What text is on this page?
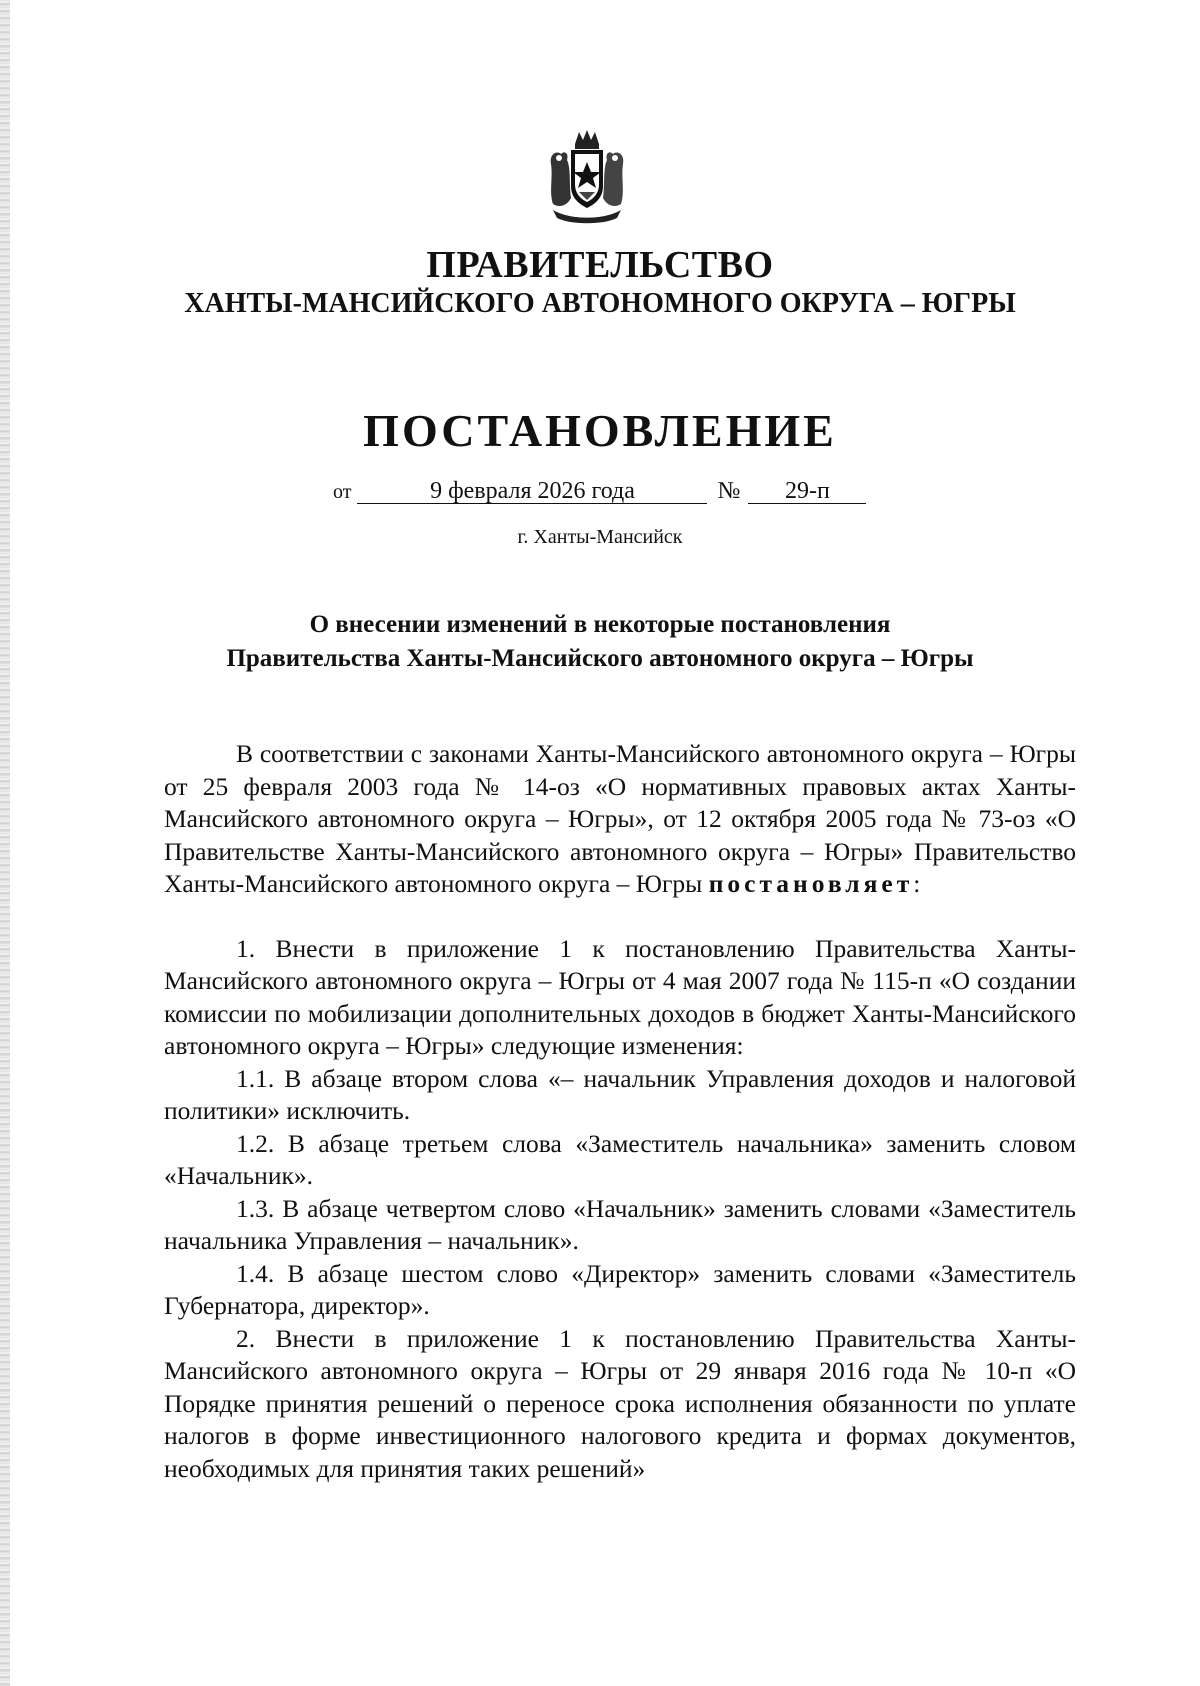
ПРАВИТЕЛЬСТВО
ХАНТЫ-МАНСИЙСКОГО АВТОНОМНОГО ОКРУГА – ЮГРЫ
ПОСТАНОВЛЕНИЕ
от	9 февраля 2026 года	№ 29-п
г. Ханты-Мансийск
О внесении изменений в некоторые постановления
Правительства Ханты-Мансийского автономного округа – Югры

В соответствии с законами Ханты-Мансийского автономного округа – Югры от 25 февраля 2003 года № 14-оз «О нормативных правовых актах Ханты-Мансийского автономного округа – Югры», от 12 октября 2005 года № 73-оз «О Правительстве Ханты-Мансийского автономного округа – Югры» Правительство Ханты-Мансийского автономного округа – Югры постановляет:

1. Внести в приложение 1 к постановлению Правительства Ханты-Мансийского автономного округа – Югры от 4 мая 2007 года № 115-п «О создании комиссии по мобилизации дополнительных доходов в бюджет Ханты-Мансийского автономного округа – Югры» следующие изменения:

1.1. В абзаце втором слова «– начальник Управления доходов и налоговой политики» исключить.

1.2. В абзаце третьем слова «Заместитель начальника» заменить словом «Начальник».

1.3. В абзаце четвертом слово «Начальник» заменить словами «Заместитель начальника Управления – начальник».

1.4. В абзаце шестом слово «Директор» заменить словами «Заместитель Губернатора, директор».

2. Внести в приложение 1 к постановлению Правительства Ханты-Мансийского автономного округа – Югры от 29 января 2016 года № 10-п «О Порядке принятия решений о переносе срока исполнения обязанности по уплате налогов в форме инвестиционного налогового кредита и формах документов, необходимых для принятия таких решений»
